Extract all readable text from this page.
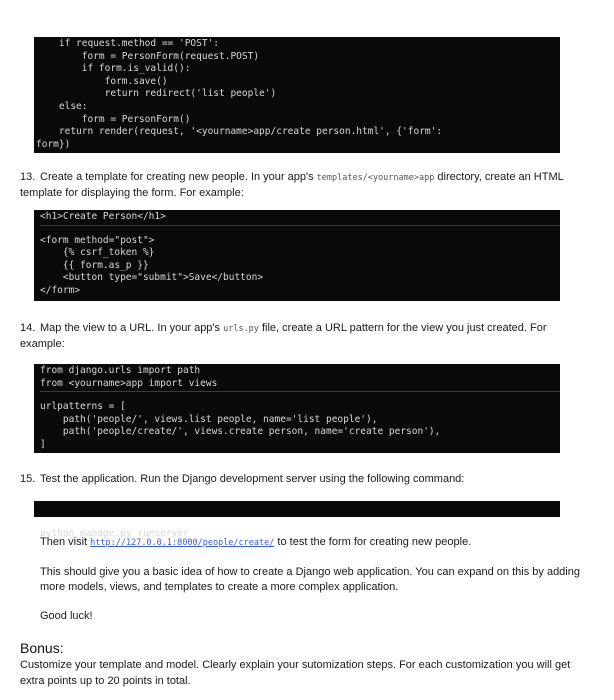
if request.method == 'POST':
form = PersonForm(request.POST)
if form.is_valid():
form.save()
return redirect('list people')
else:
form = PersonForm()
return render(request, '<yourname>app/create person.html', {'form':
form})
13. Create a template for creating new people. In your app's templates/<yourname>app directory, create an HTML template for displaying the form. For example:
<h1>Create Person</h1>
<form method="post">
{% csrf_token %}
{{ form.as_p }}
<button type="submit">Save</button>
</form>
14. Map the view to a URL. In your app's urls.py file, create a URL pattern for the view you just created. For example:
from django.urls import path
from <yourname>app import views
urlpatterns = [
path('people/', views.list people, name='list people'),
path('people/create/', views.create person, name='create person'),
]
15. Test the application. Run the Django development server using the following command:

python manage.py runserver

Then visit http://127.0.0.1:8000/people/create/ to test the form for creating new people.
This should give you a basic idea of how to create a Django web application. You can expand on this by adding more models, views, and templates to create a more complex application.
Good luck!
Bonus:
Customize your template and model. Clearly explain your sutomization steps. For each customization you will get extra points up to 20 points in total.
